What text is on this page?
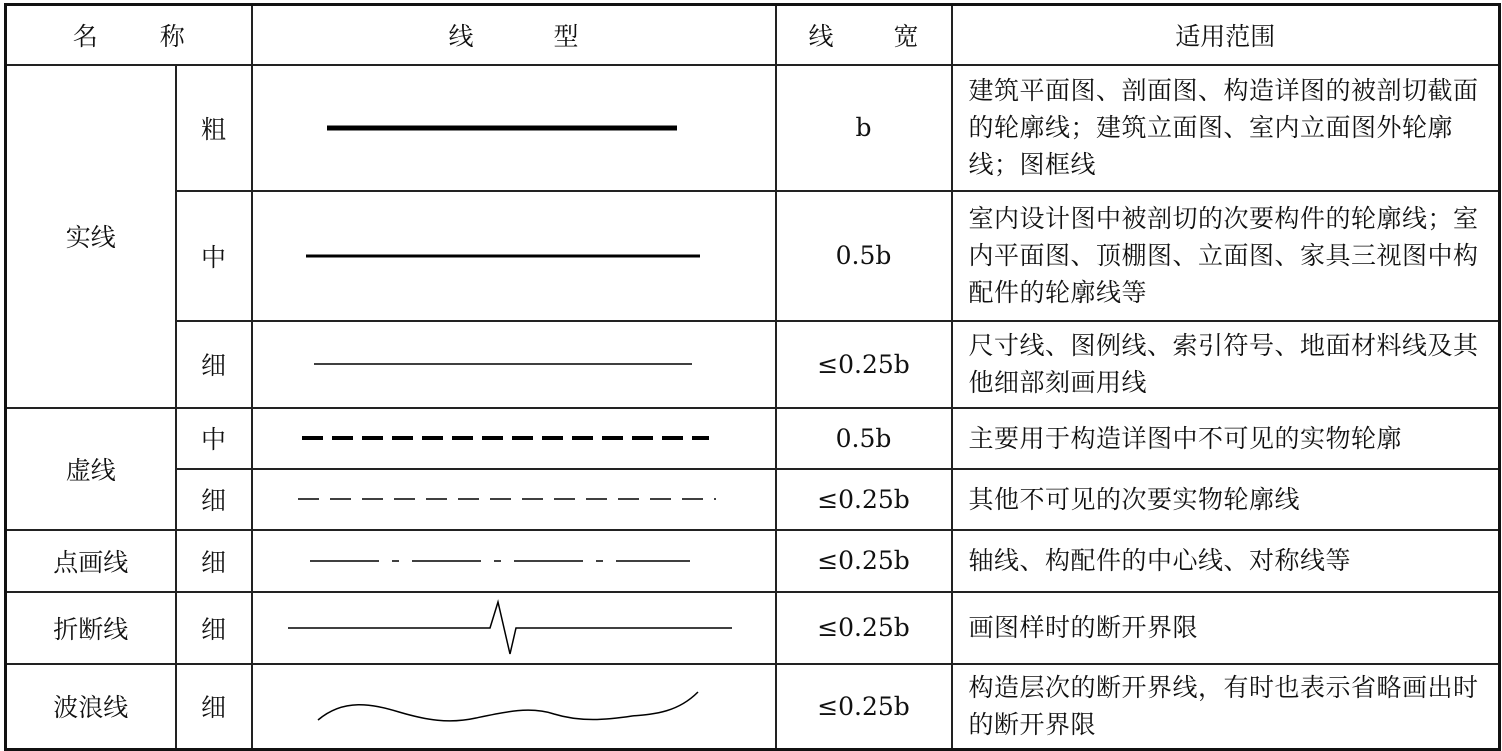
名 称		线 型	线 宽	适用范围
实线	粗		b	建筑平面图、剖面图、构造详图的被剖切截面的轮廓线；建筑立面图、室内立面图外轮廓线；图框线
	中		0.5b	室内设计图中被剖切的次要构件的轮廓线；室内平面图、顶棚图、立面图、家具三视图中构配件的轮廓线等
	细		≤0.25b	尺寸线、图例线、索引符号、地面材料线及其他细部刻画用线
虚线	中		0.5b	主要用于构造详图中不可见的实物轮廓
	细		≤0.25b	其他不可见的次要实物轮廓线
点画线	细		≤0.25b	轴线、构配件的中心线、对称线等
折断线	细		≤0.25b	画图样时的断开界限
波浪线	细		≤0.25b	构造层次的断开界线，有时也表示省略画出时的断开界限
